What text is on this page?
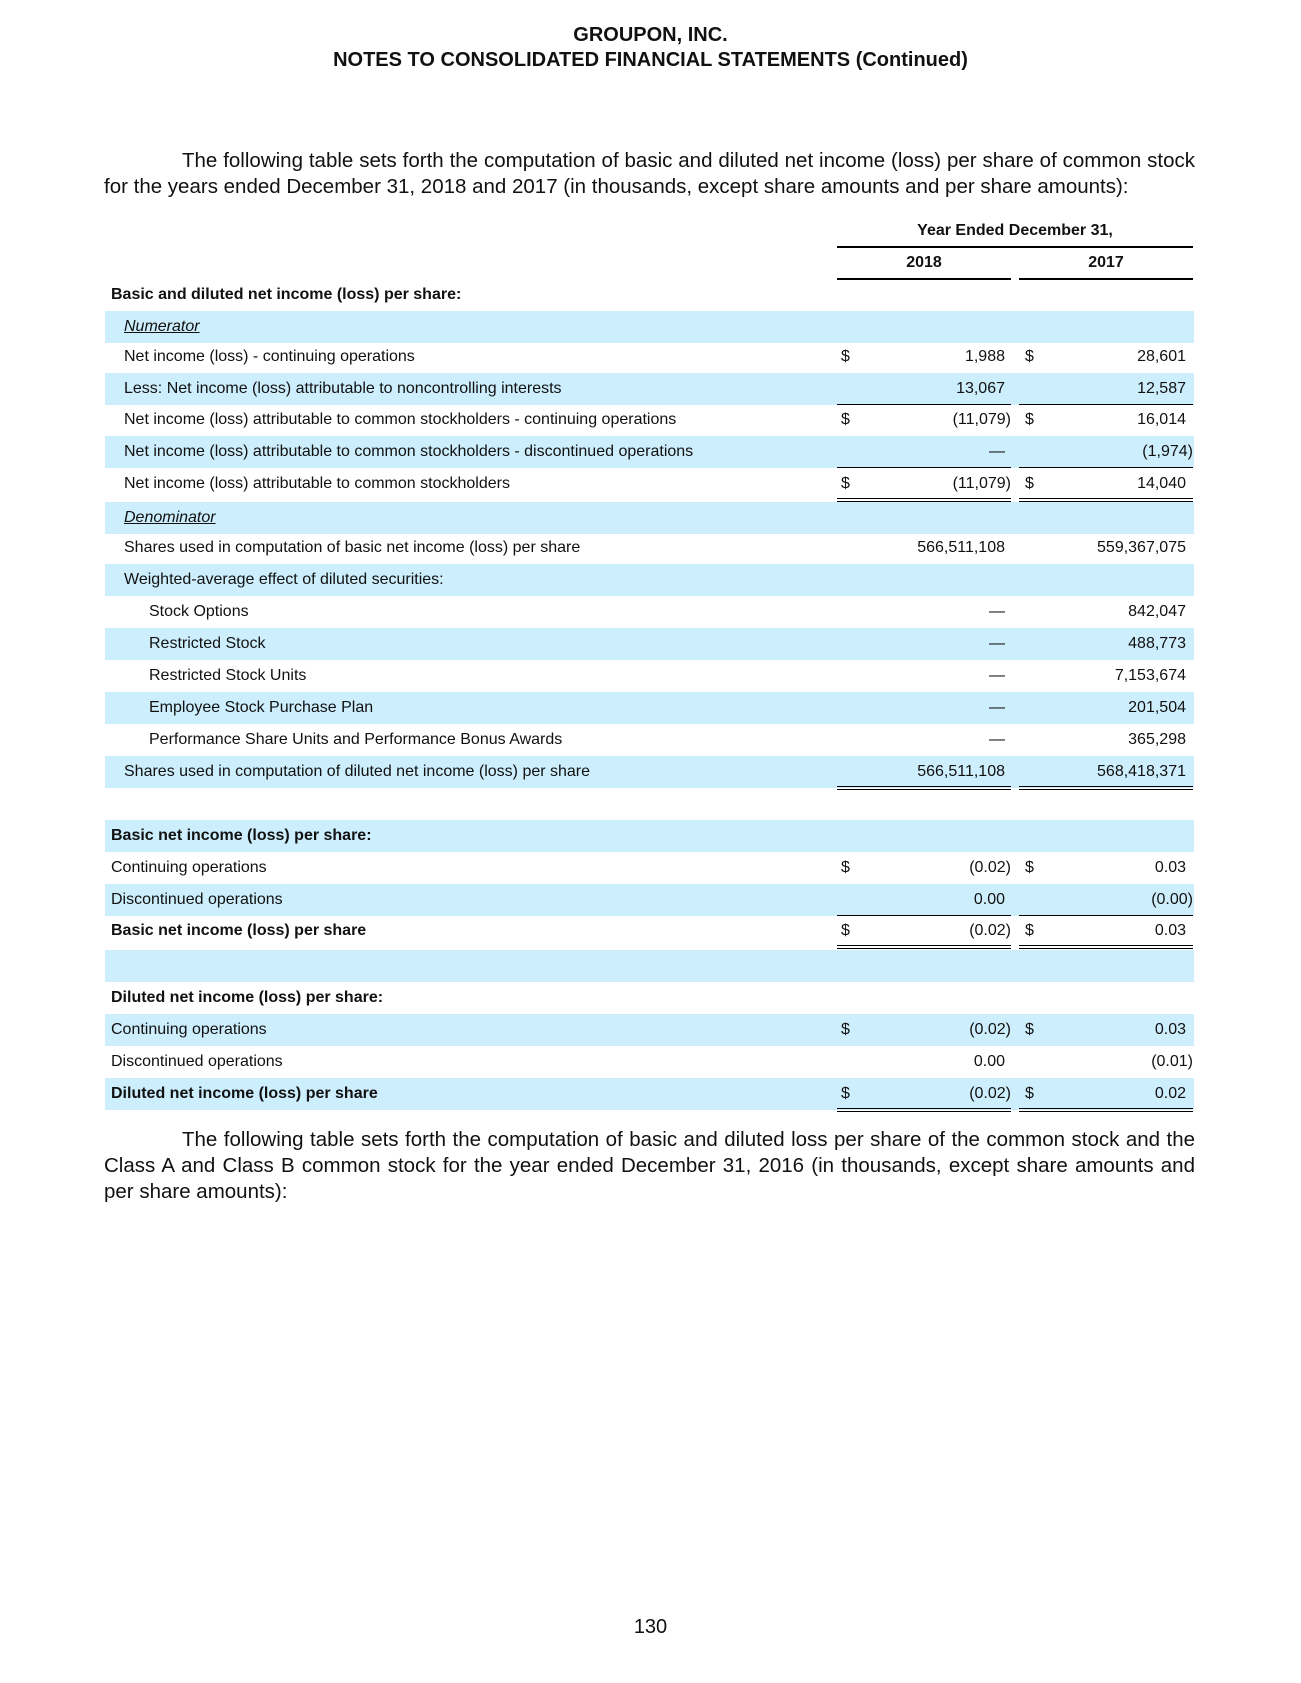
GROUPON, INC.
NOTES TO CONSOLIDATED FINANCIAL STATEMENTS (Continued)

The following table sets forth the computation of basic and diluted net income (loss) per share of common stock for the years ended December 31, 2018 and 2017 (in thousands, except share amounts and per share amounts):

Year Ended December 31,
2018	2017
Basic and diluted net income (loss) per share:
Numerator
Net income (loss) - continuing operations	$	1,988 $	28,601
Less: Net income (loss) attributable to noncontrolling interests	13,067	12,587
Net income (loss) attributable to common stockholders - continuing operations	$	(11,079) $	16,014
Net income (loss) attributable to common stockholders - discontinued operations	—	(1,974)
Net income (loss) attributable to common stockholders	$	(11,079) $	14,040
Denominator
Shares used in computation of basic net income (loss) per share	566,511,108	559,367,075
Weighted-average effect of diluted securities:
Stock Options	—	842,047
Restricted Stock	—	488,773
Restricted Stock Units	—	7,153,674
Employee Stock Purchase Plan	—	201,504
Performance Share Units and Performance Bonus Awards	—	365,298
Shares used in computation of diluted net income (loss) per share	566,511,108	568,418,371
Basic net income (loss) per share:
Continuing operations	$	(0.02) $	0.03
Discontinued operations	0.00	(0.00)
Basic net income (loss) per share	$	(0.02) $	0.03
Diluted net income (loss) per share:
Continuing operations	$	(0.02) $	0.03
Discontinued operations	0.00	(0.01)
Diluted net income (loss) per share	$	(0.02) $	0.02

The following table sets forth the computation of basic and diluted loss per share of the common stock and the Class A and Class B common stock for the year ended December 31, 2016 (in thousands, except share amounts and per share amounts):

130
